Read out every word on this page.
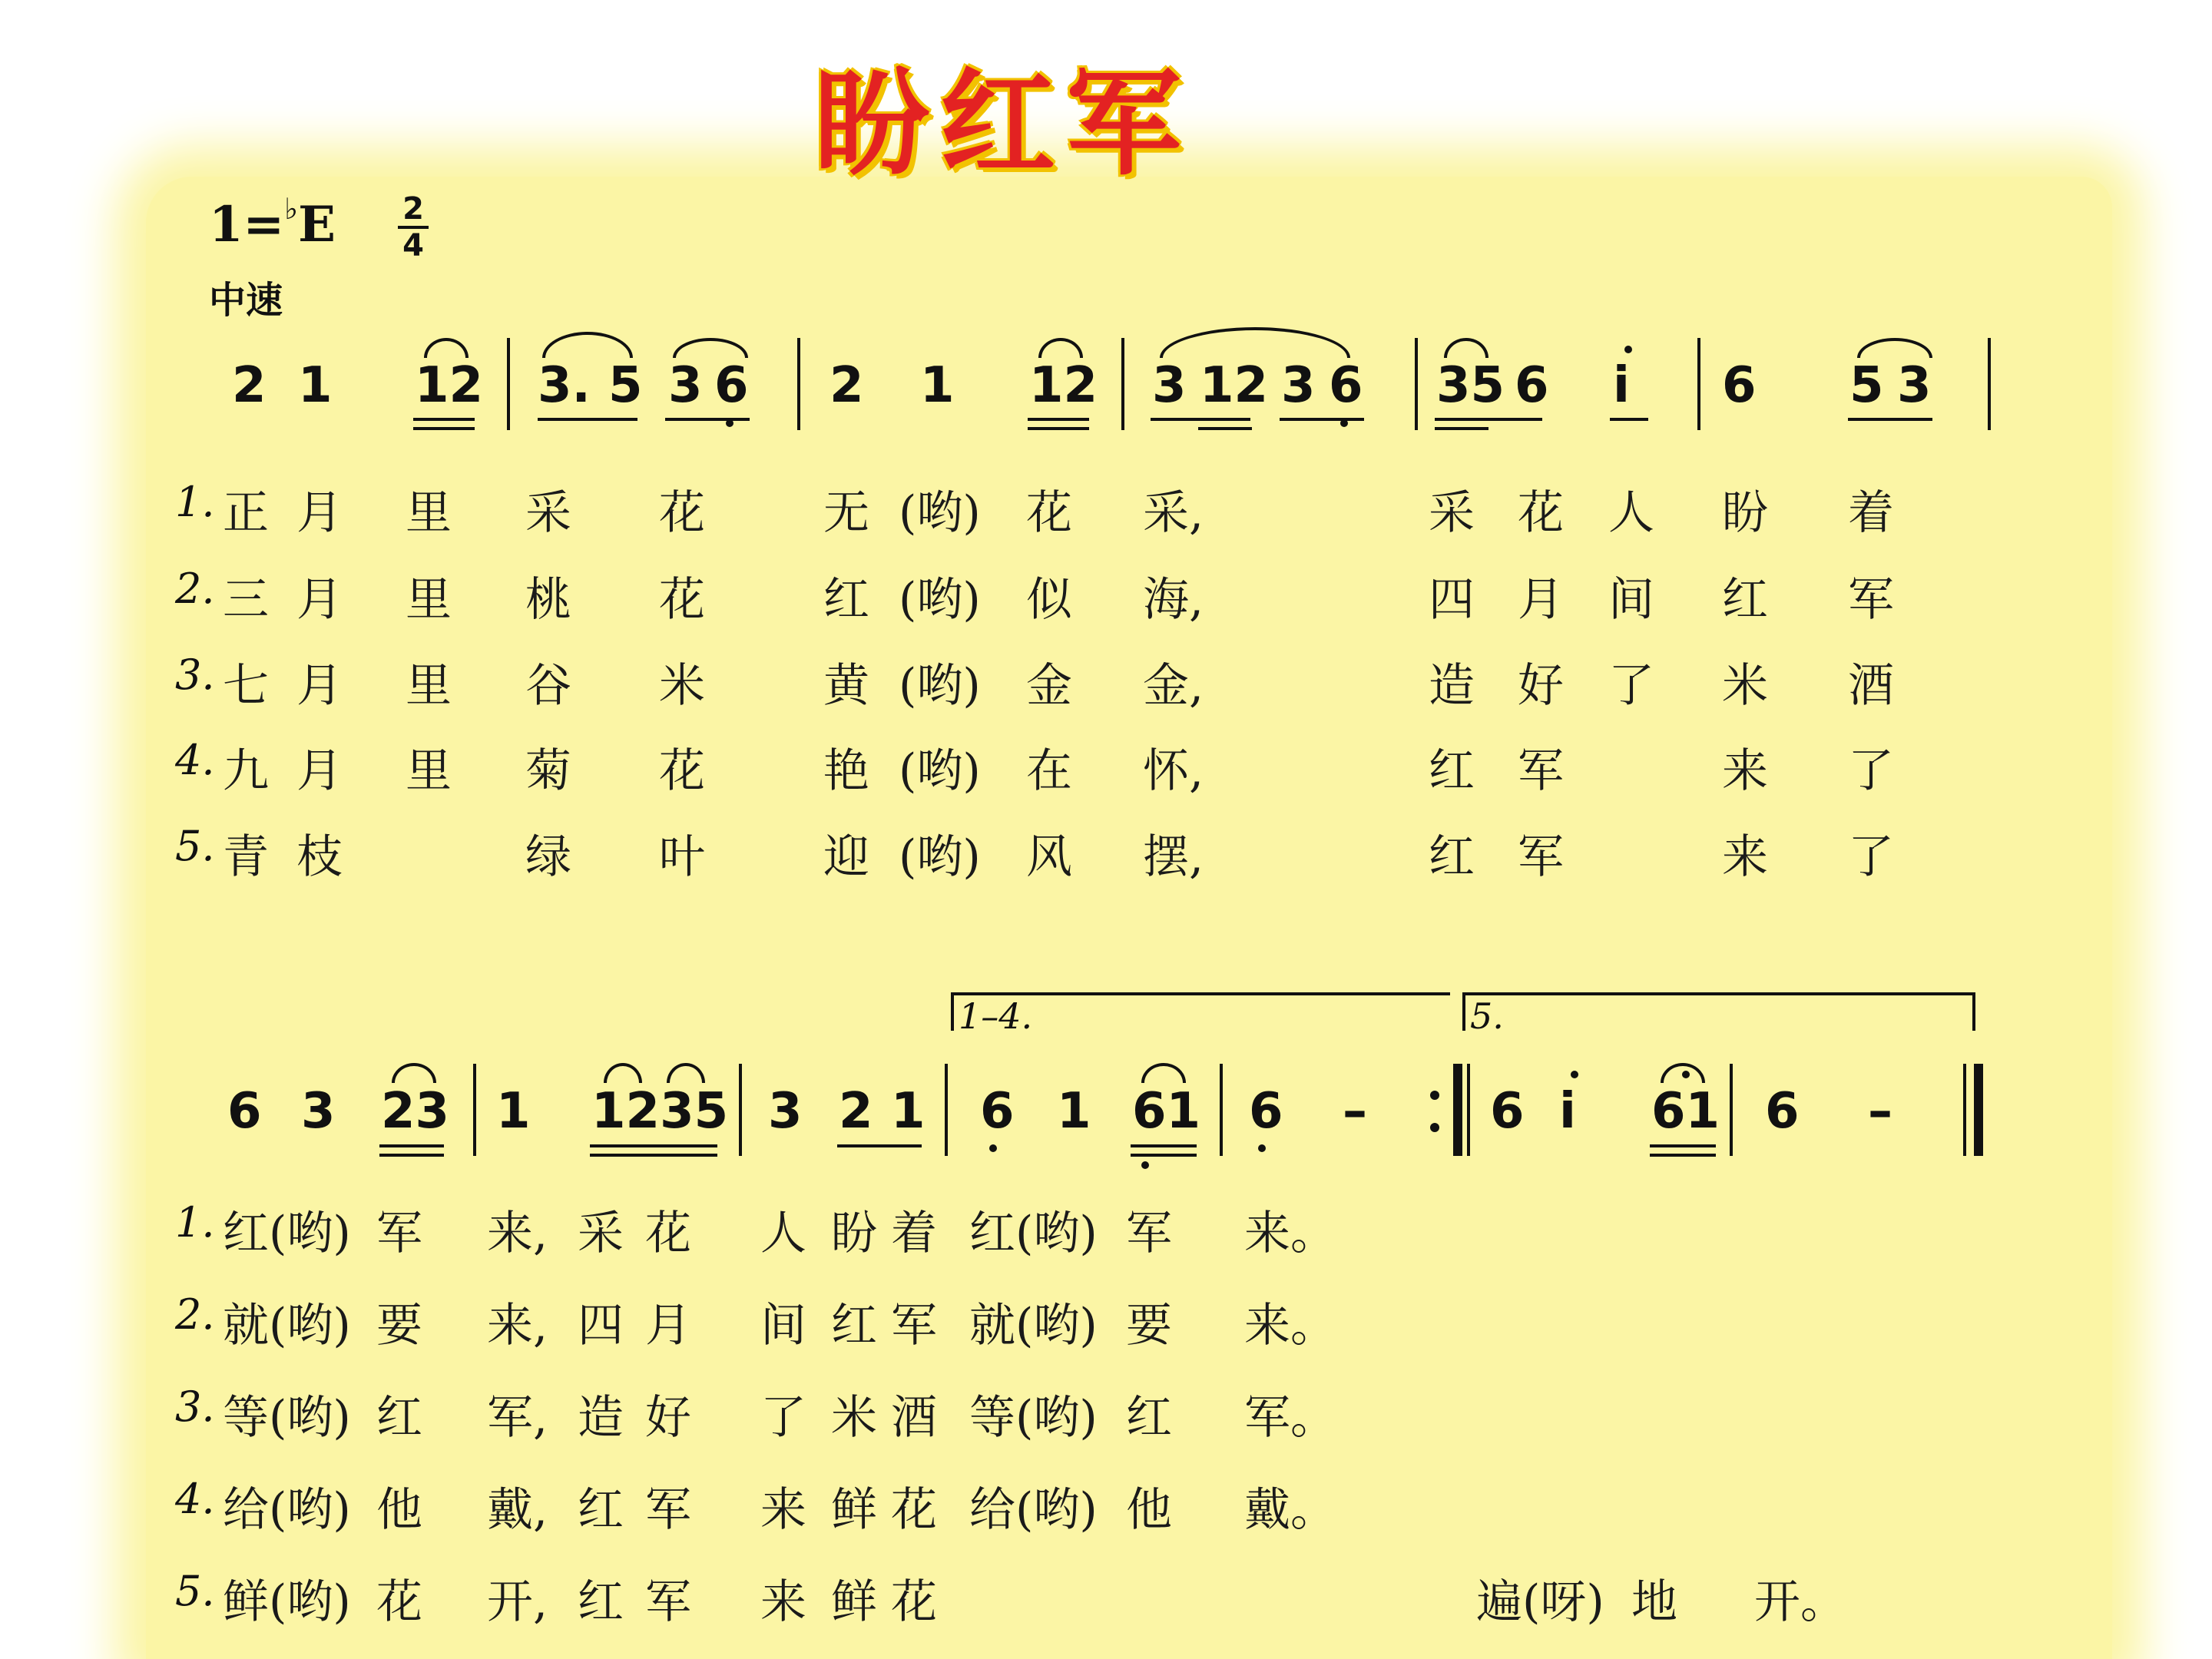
盼红军
1=♭E 2
4
中速
2 1 12 3. 5 3 6 2 1 12 3 12 3 6 35 6 i 6 5 3
1.
2.
3.
4.
5.
正 月 里 采 花	无 (哟) 花 采,	采 花 人 盼 着
三 月 里 桃 花	红 (哟) 似 海,	四 月 间 红 军
七 月 里 谷 米	黄 (哟) 金 金,	造 好 了 米 酒
九 月 里 菊 花	艳 (哟) 在 怀,	红 军	来 了
青 枝	绿 叶	迎 (哟) 风 摆,	红 军	来 了
1–4.	5.
6 3 23 1 1235 3 2 1 6 1 61 6 –	6 i 61 6 –
1.
2.
3.
4.
5.
红(哟) 军 来, 采 花 人 盼 着 红(哟) 军 来。
就(哟) 要 来, 四 月 间 红 军 就(哟) 要 来。
等(哟) 红 军, 造 好 了 米 酒 等(哟) 红 军。
给(哟) 他 戴, 红 军 来 鲜 花 给(哟) 他 戴。
鲜(哟) 花 开, 红 军 来 鲜 花	遍(呀) 地 开。
